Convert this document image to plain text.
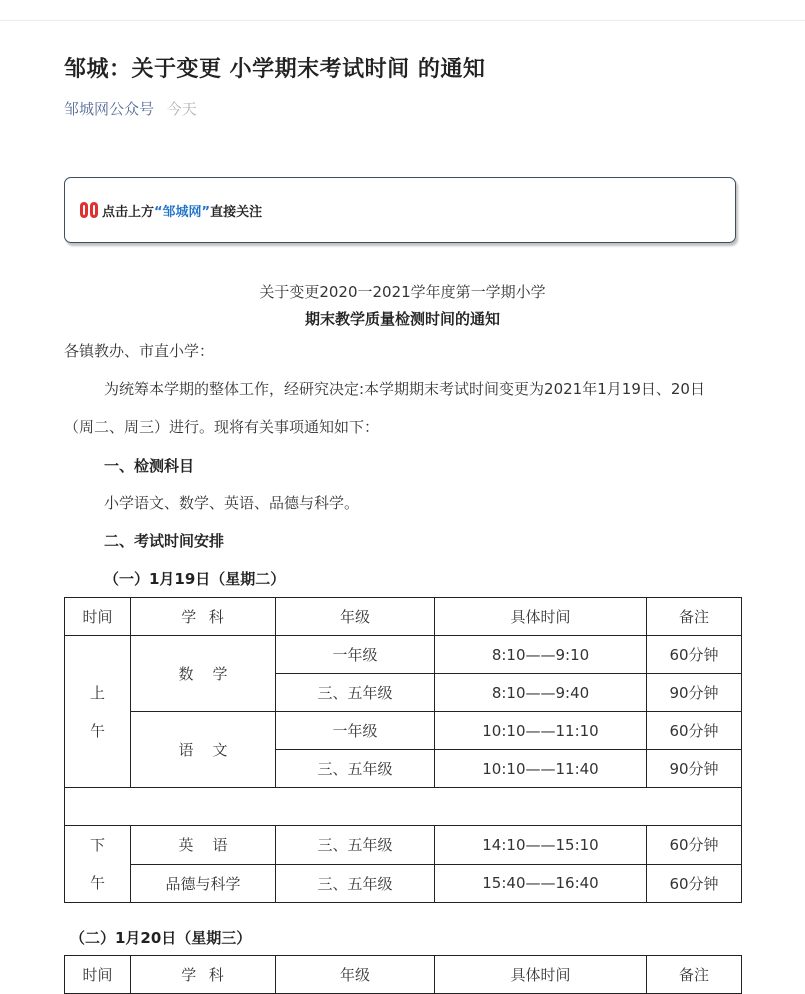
邹城：关于变更 小学期末考试时间 的通知
邹城网公众号 今天
点击上方“邹城网”直接关注
关于变更2020一2021学年度第一学期小学
期末教学质量检测时间的通知
各镇教办、市直小学：
为统筹本学期的整体工作，经研究决定:本学期期末考试时间变更为2021年1月19日、20日
（周二、周三）进行。现将有关事项通知如下：
一、检测科目
小学语文、数学、英语、品德与科学。
二、考试时间安排
（一）1月19日（星期二）
时间	学  科	年级	具体时间	备注

上
午	数    学	一年级	8:10——9:10	60分钟
		三、五年级	8:10——9:40	90分钟
	语    文	一年级	10:10——11:10	60分钟
		三、五年级	10:10——11:40	90分钟

下
午	英    语	三、五年级	14:10——15:10	60分钟
	品德与科学	三、五年级	15:40——16:40	60分钟
（二）1月20日（星期三）
时间	学  科	年级	具体时间	备注
